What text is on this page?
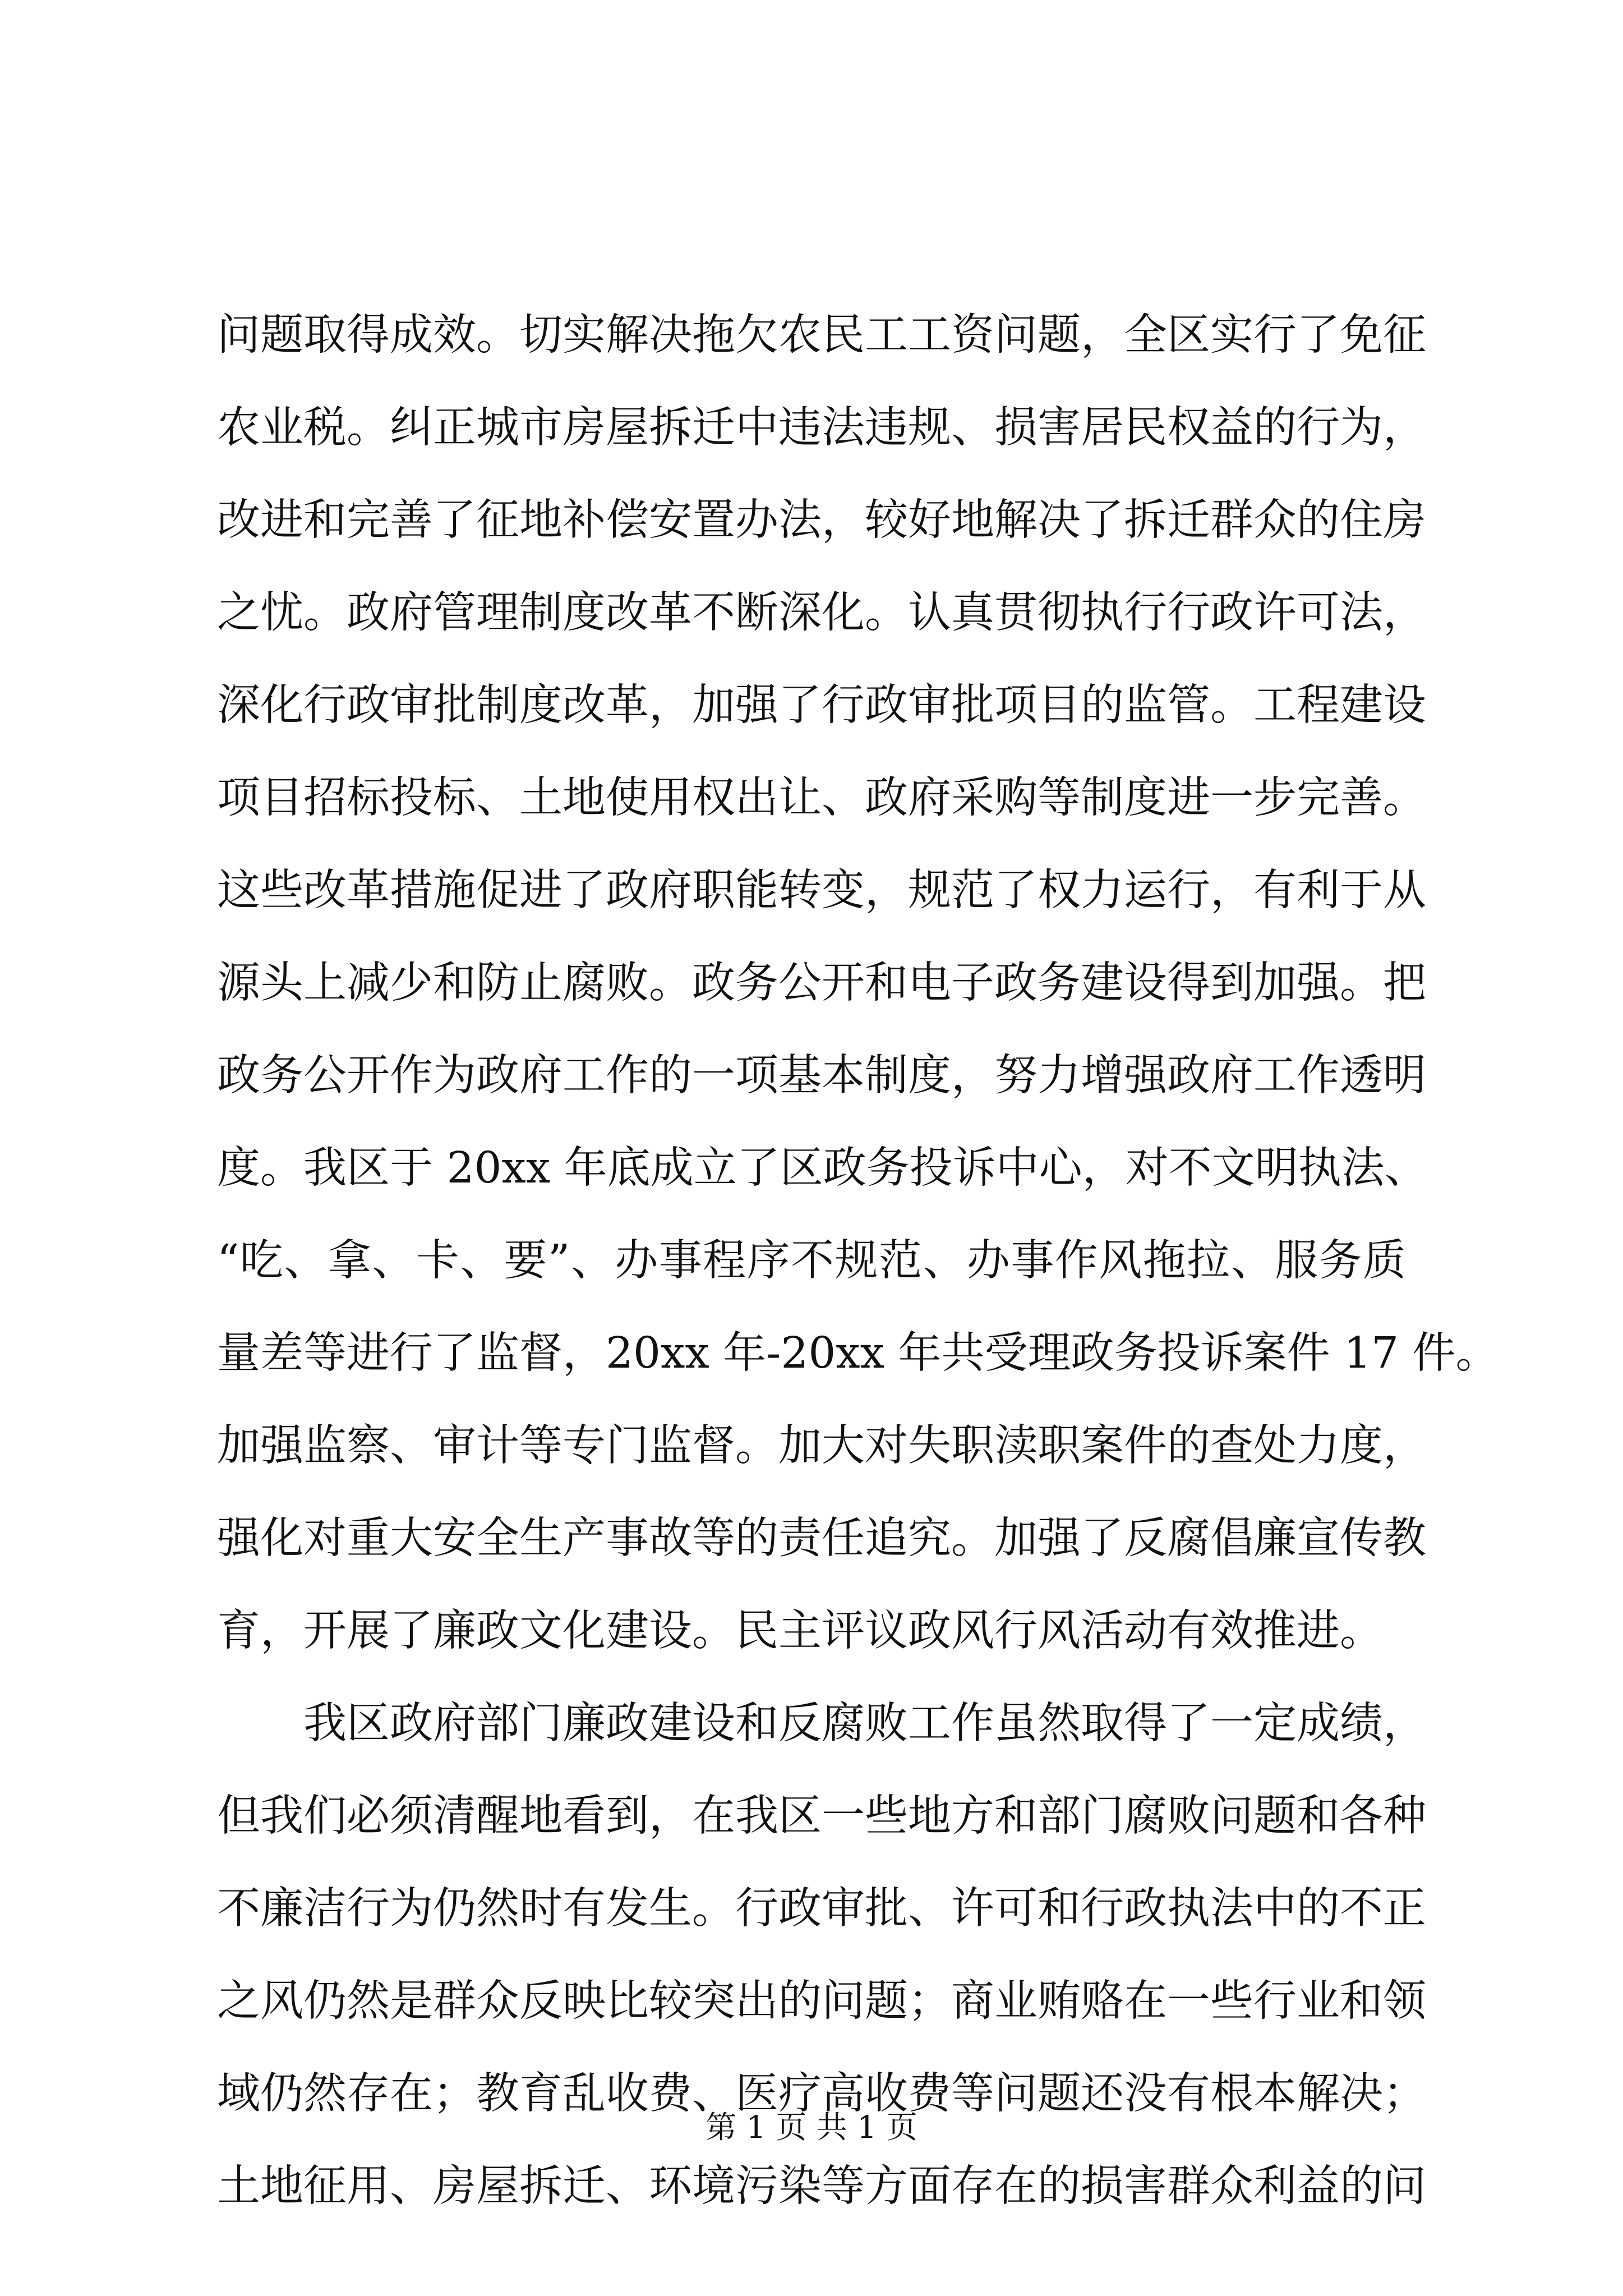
问题取得成效。切实解决拖欠农民工工资问题，全区实行了免征
农业税。纠正城市房屋拆迁中违法违规、损害居民权益的行为，
改进和完善了征地补偿安置办法，较好地解决了拆迁群众的住房
之忧。政府管理制度改革不断深化。认真贯彻执行行政许可法，
深化行政审批制度改革，加强了行政审批项目的监管。工程建设
项目招标投标、土地使用权出让、政府采购等制度进一步完善。
这些改革措施促进了政府职能转变，规范了权力运行，有利于从
源头上减少和防止腐败。政务公开和电子政务建设得到加强。把
政务公开作为政府工作的一项基本制度，努力增强政府工作透明
度。我区于 20xx 年底成立了区政务投诉中心，对不文明执法、
“吃、拿、卡、要”、办事程序不规范、办事作风拖拉、服务质
量差等进行了监督，20xx 年-20xx 年共受理政务投诉案件 17 件。
加强监察、审计等专门监督。加大对失职渎职案件的查处力度，
强化对重大安全生产事故等的责任追究。加强了反腐倡廉宣传教
育，开展了廉政文化建设。民主评议政风行风活动有效推进。
我区政府部门廉政建设和反腐败工作虽然取得了一定成绩，
但我们必须清醒地看到，在我区一些地方和部门腐败问题和各种
不廉洁行为仍然时有发生。行政审批、许可和行政执法中的不正
之风仍然是群众反映比较突出的问题；商业贿赂在一些行业和领
域仍然存在；教育乱收费、医疗高收费等问题还没有根本解决；
土地征用、房屋拆迁、环境污染等方面存在的损害群众利益的问
第 1 页 共 1 页
